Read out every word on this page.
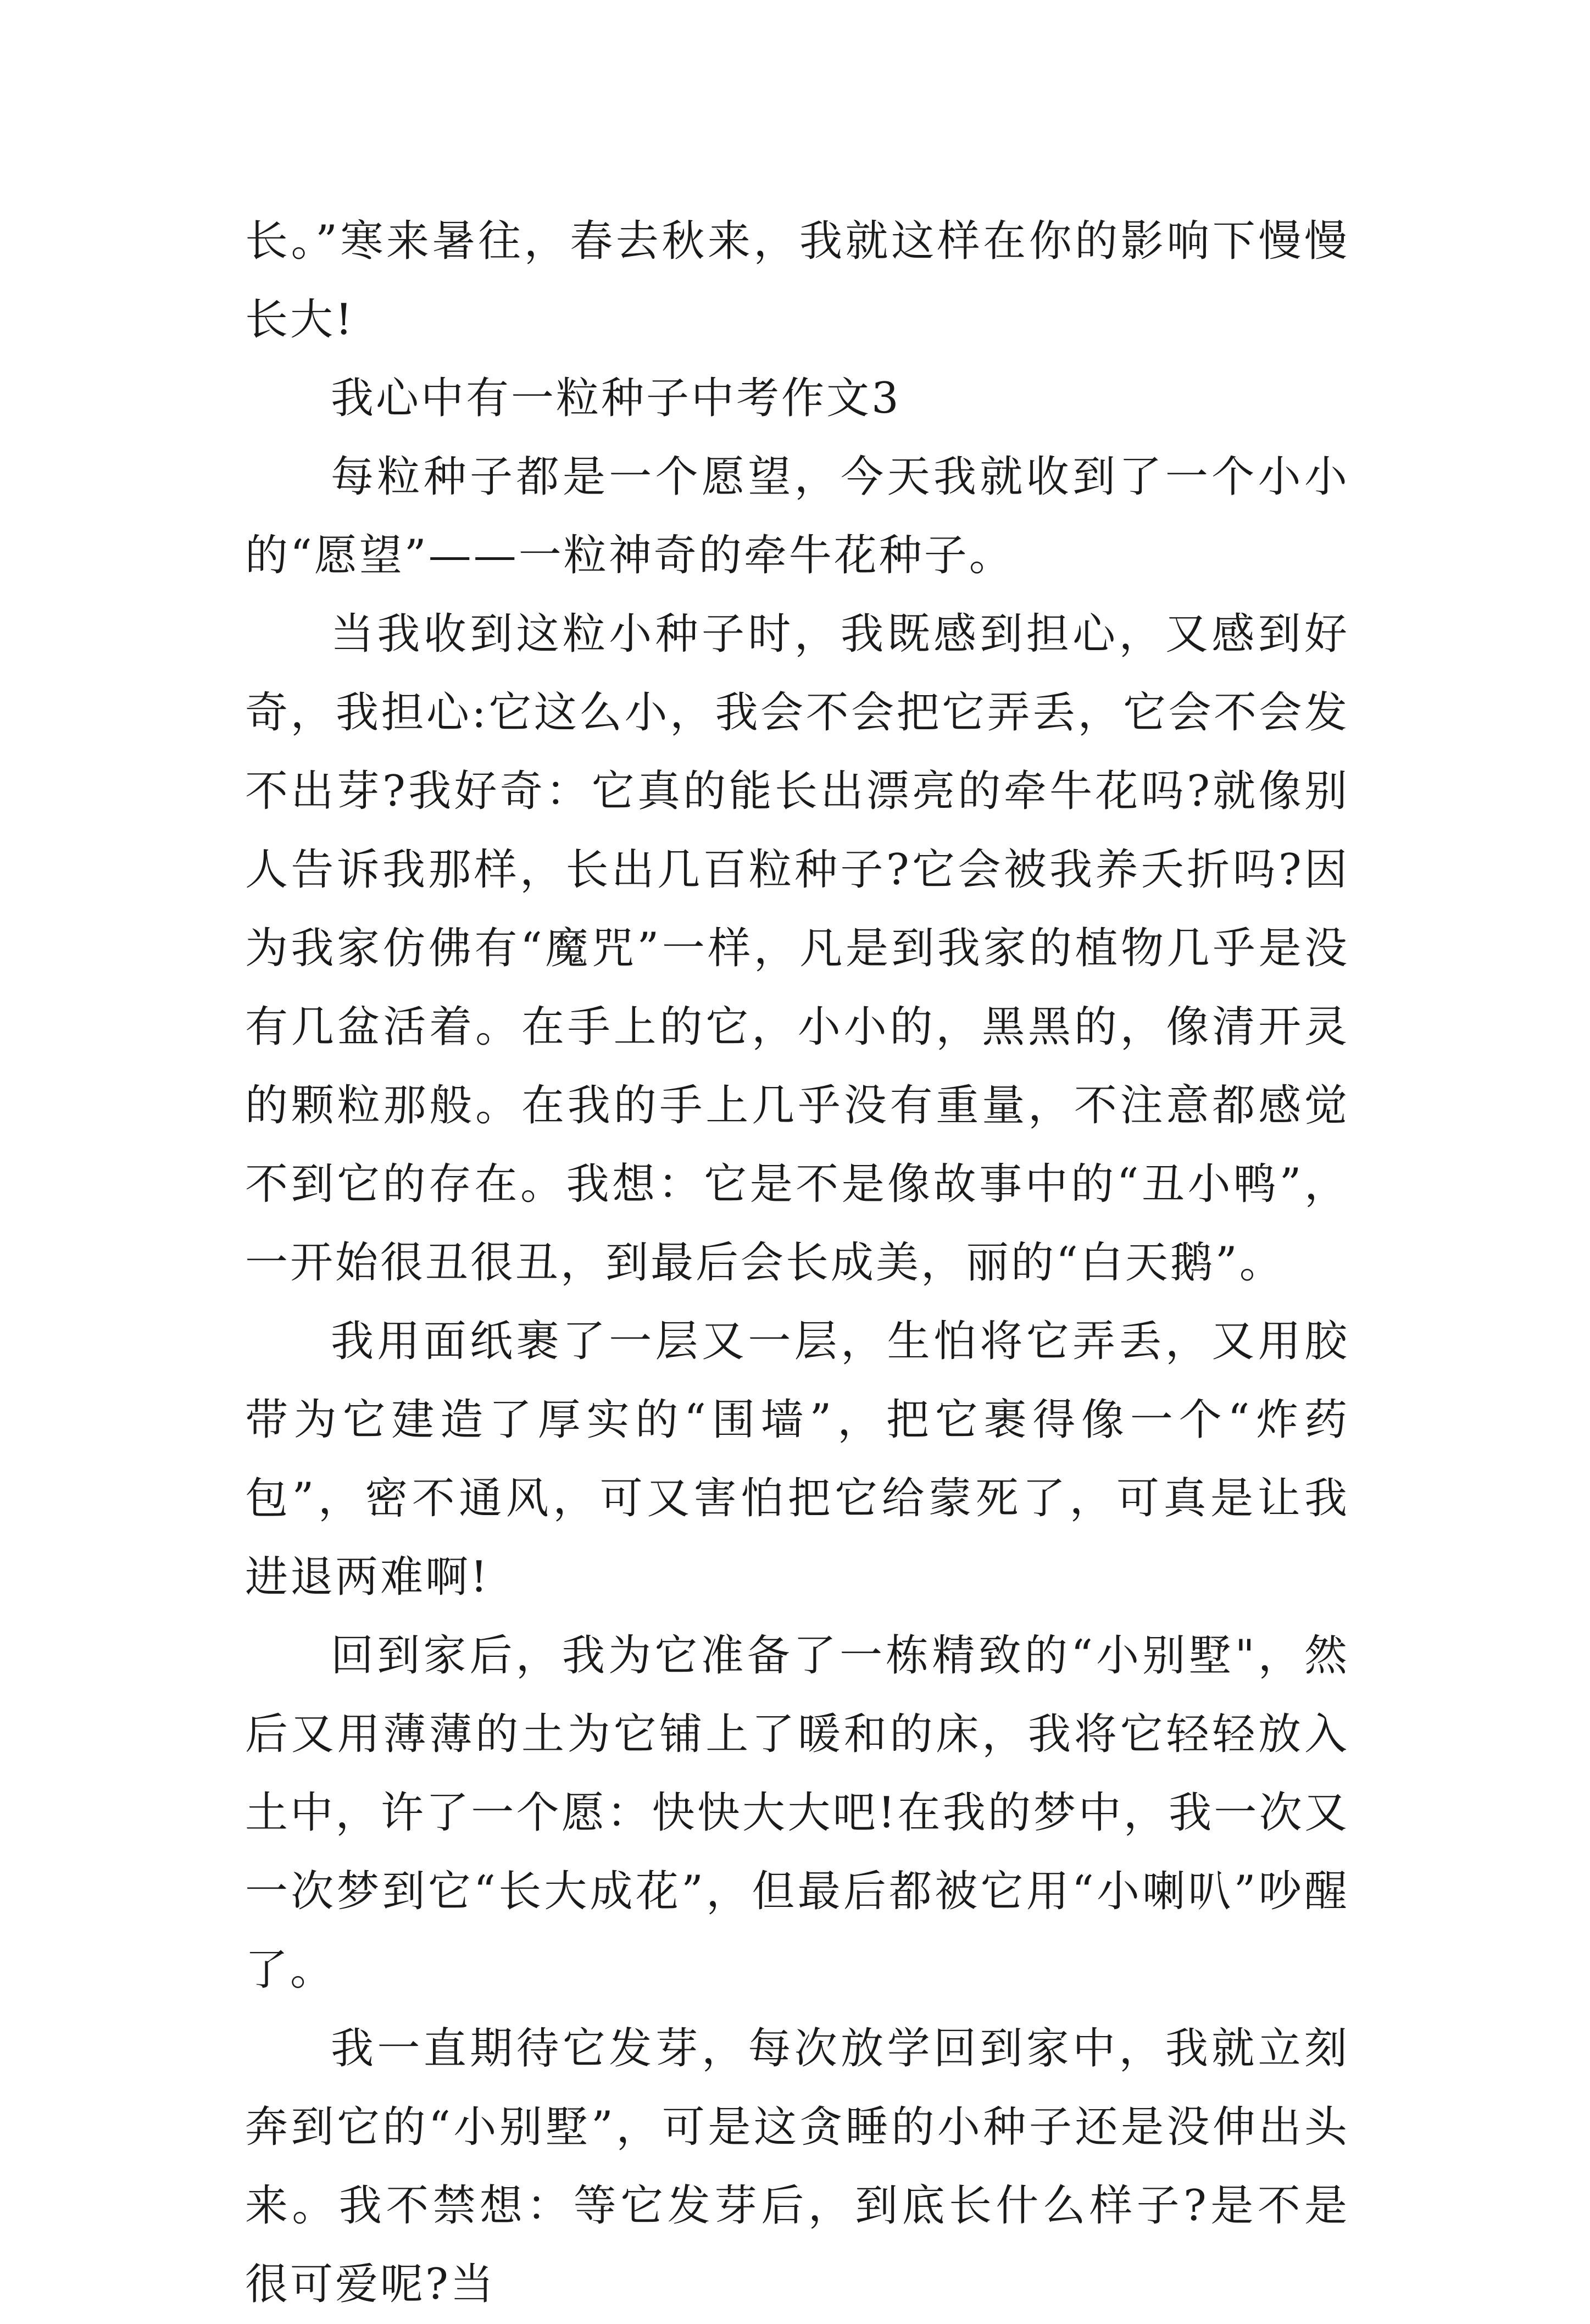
长。”寒来暑往，春去秋来，我就这样在你的影响下慢慢长大!

我心中有一粒种子中考作文3

每粒种子都是一个愿望，今天我就收到了一个小小的“愿望”——一粒神奇的牵牛花种子。

当我收到这粒小种子时，我既感到担心，又感到好奇，我担心:它这么小，我会不会把它弄丢，它会不会发不出芽?我好奇：它真的能长出漂亮的牵牛花吗?就像别人告诉我那样，长出几百粒种子?它会被我养夭折吗?因为我家仿佛有“魔咒”一样，凡是到我家的植物几乎是没有几盆活着。在手上的它，小小的，黑黑的，像清开灵的颗粒那般。在我的手上几乎没有重量，不注意都感觉不到它的存在。我想：它是不是像故事中的“丑小鸭”，一开始很丑很丑，到最后会长成美，丽的“白天鹅”。

我用面纸裹了一层又一层，生怕将它弄丢，又用胶带为它建造了厚实的“围墙”，把它裹得像一个“炸药包”，密不通风，可又害怕把它给蒙死了，可真是让我进退两难啊!

回到家后，我为它准备了一栋精致的“小别墅"，然后又用薄薄的土为它铺上了暖和的床，我将它轻轻放入土中，许了一个愿：快快大大吧!在我的梦中，我一次又一次梦到它“长大成花”，但最后都被它用“小喇叭”吵醒了。

我一直期待它发芽，每次放学回到家中，我就立刻奔到它的“小别墅”，可是这贪睡的小种子还是没伸出头来。我不禁想：等它发芽后，到底长什么样子?是不是很可爱呢?当
